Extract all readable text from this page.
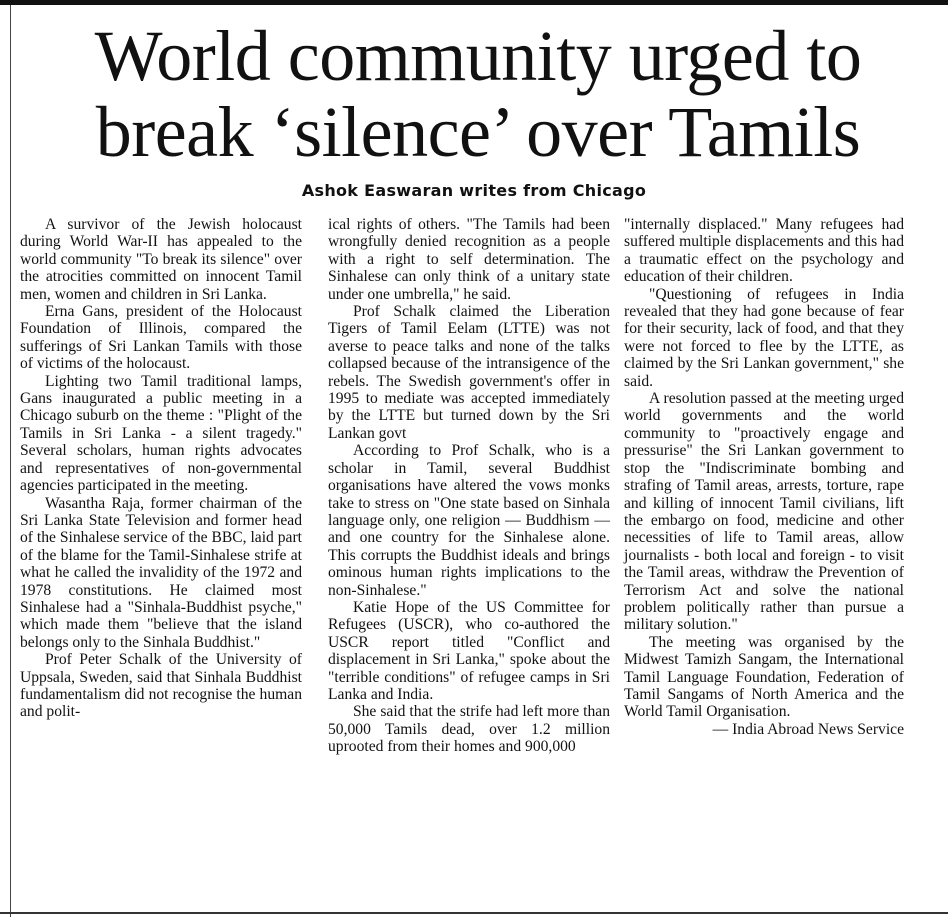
World community urged to
break ‘silence’ over Tamils
Ashok Easwaran writes from Chicago

A survivor of the Jewish holocaust during World War-II has appealed to the world community "To break its silence" over the atrocities committed on innocent Tamil men, women and children in Sri Lanka.

Erna Gans, president of the Holocaust Foundation of Illinois, compared the sufferings of Sri Lankan Tamils with those of victims of the holocaust.

Lighting two Tamil traditional lamps, Gans inaugurated a public meeting in a Chicago suburb on the theme : "Plight of the Tamils in Sri Lanka - a silent tragedy." Several scholars, human rights advocates and representatives of non-governmental agencies participated in the meeting.

Wasantha Raja, former chairman of the Sri Lanka State Television and former head of the Sinhalese service of the BBC, laid part of the blame for the Tamil-Sinhalese strife at what he called the invalidity of the 1972 and 1978 constitutions. He claimed most Sinhalese had a "Sinhala-Buddhist psyche," which made them "believe that the island belongs only to the Sinhala Buddhist."

Prof Peter Schalk of the University of Uppsala, Sweden, said that Sinhala Buddhist fundamentalism did not recognise the human and polit-

ical rights of others. "The Tamils had been wrongfully denied recognition as a people with a right to self determination. The Sinhalese can only think of a unitary state under one umbrella," he said.

Prof Schalk claimed the Liberation Tigers of Tamil Eelam (LTTE) was not averse to peace talks and none of the talks collapsed because of the intransigence of the rebels. The Swedish government's offer in 1995 to mediate was accepted immediately by the LTTE but turned down by the Sri Lankan govt

According to Prof Schalk, who is a scholar in Tamil, several Buddhist organisations have altered the vows monks take to stress on "One state based on Sinhala language only, one religion — Buddhism — and one country for the Sinhalese alone. This corrupts the Buddhist ideals and brings ominous human rights implications to the non-Sinhalese."

Katie Hope of the US Committee for Refugees (USCR), who co-authored the USCR report titled "Conflict and displacement in Sri Lanka," spoke about the "terrible conditions" of refugee camps in Sri Lanka and India.

She said that the strife had left more than 50,000 Tamils dead, over 1.2 million uprooted from their homes and 900,000

"internally displaced." Many refugees had suffered multiple displacements and this had a traumatic effect on the psychology and education of their children.

"Questioning of refugees in India revealed that they had gone because of fear for their security, lack of food, and that they were not forced to flee by the LTTE, as claimed by the Sri Lankan government," she said.

A resolution passed at the meeting urged world governments and the world community to "proactively engage and pressurise" the Sri Lankan government to stop the "Indiscriminate bombing and strafing of Tamil areas, arrests, torture, rape and killing of innocent Tamil civilians, lift the embargo on food, medicine and other necessities of life to Tamil areas, allow journalists - both local and foreign - to visit the Tamil areas, withdraw the Prevention of Terrorism Act and solve the national problem politically rather than pursue a military solution."

The meeting was organised by the Midwest Tamizh Sangam, the International Tamil Language Foundation, Federation of Tamil Sangams of North America and the World Tamil Organisation.

— India Abroad News Service
